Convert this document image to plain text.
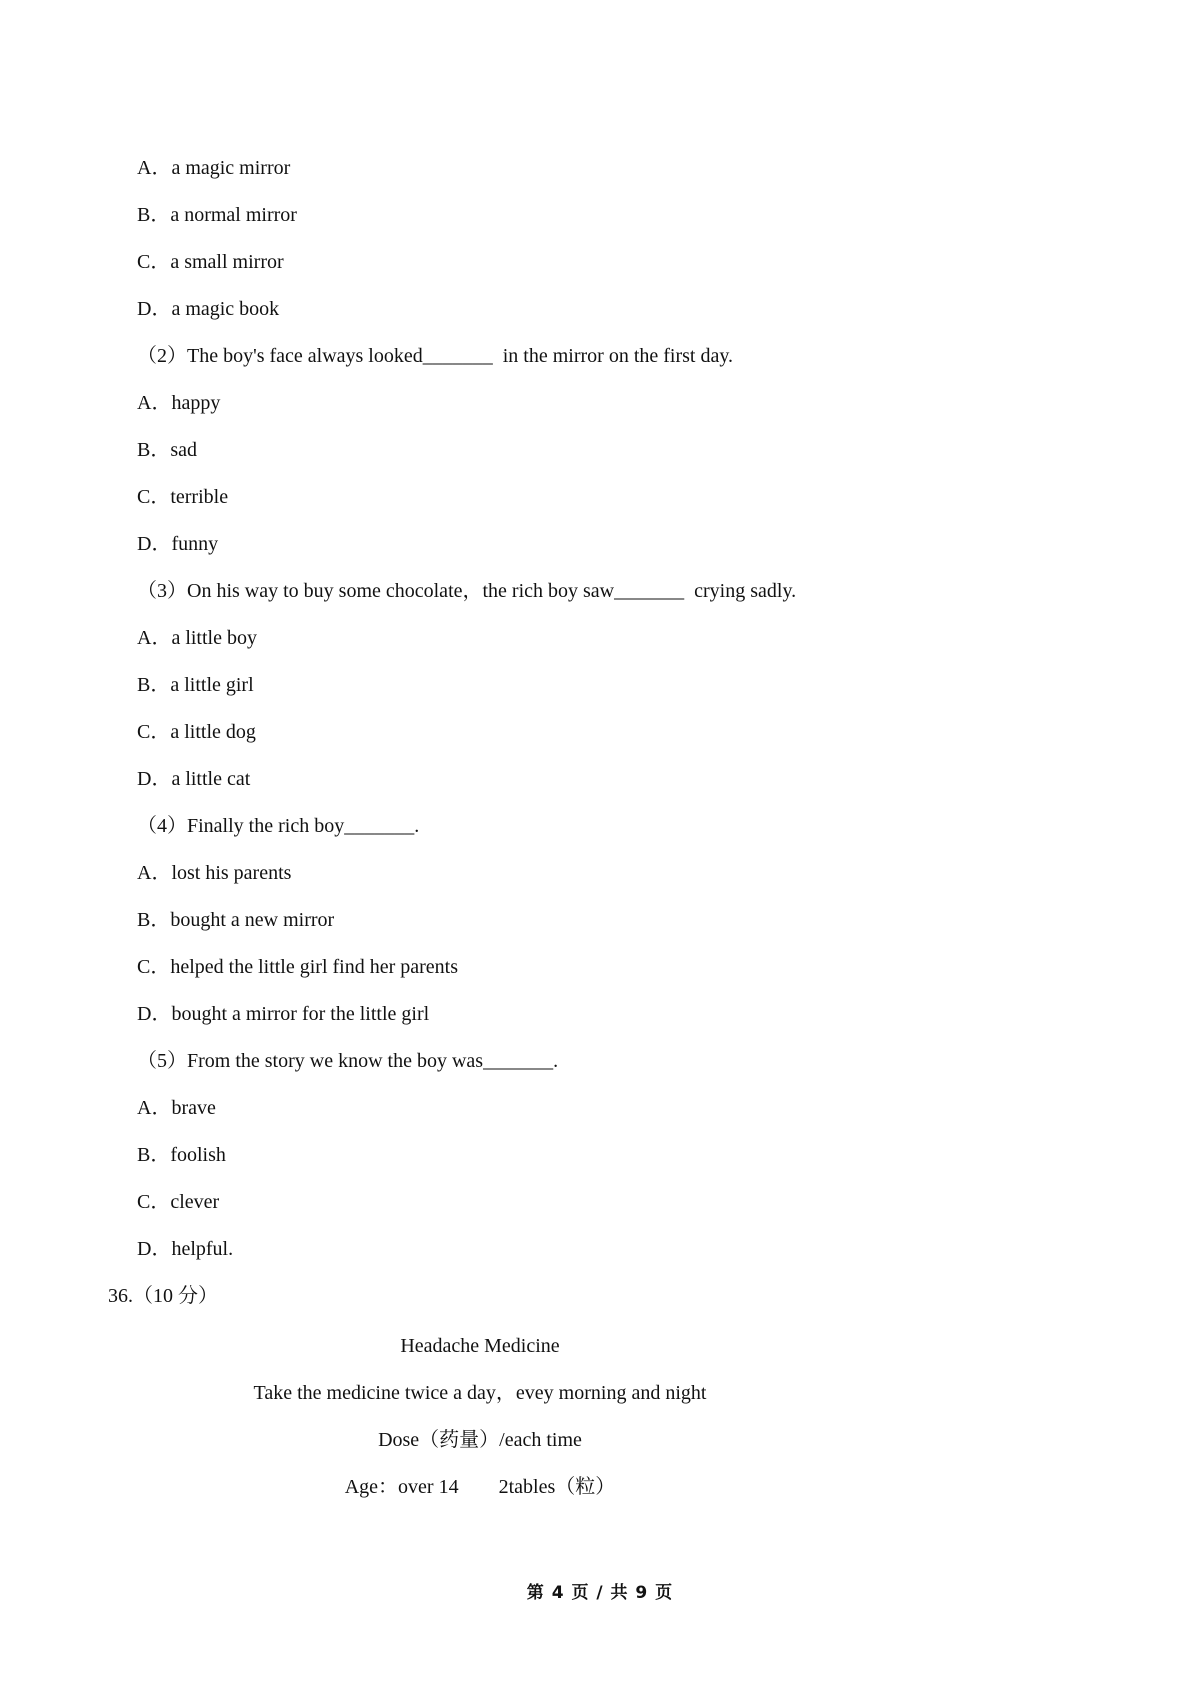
A．a magic mirror
B．a normal mirror
C．a small mirror
D．a magic book
（2）The boy's face always looked_______  in the mirror on the first day.
A．happy
B．sad
C．terrible
D．funny
（3）On his way to buy some chocolate，the rich boy saw_______  crying sadly.
A．a little boy
B．a little girl
C．a little dog
D．a little cat
（4）Finally the rich boy_______.
A．lost his parents
B．bought a new mirror
C．helped the little girl find her parents
D．bought a mirror for the little girl
（5）From the story we know the boy was_______.
A．brave
B．foolish
C．clever
D．helpful.
36.（10 分）
Headache Medicine
Take the medicine twice a day，evey morning and night
Dose（药量）/each time
Age：over 14        2tables（粒）
第 4 页 / 共 9 页
